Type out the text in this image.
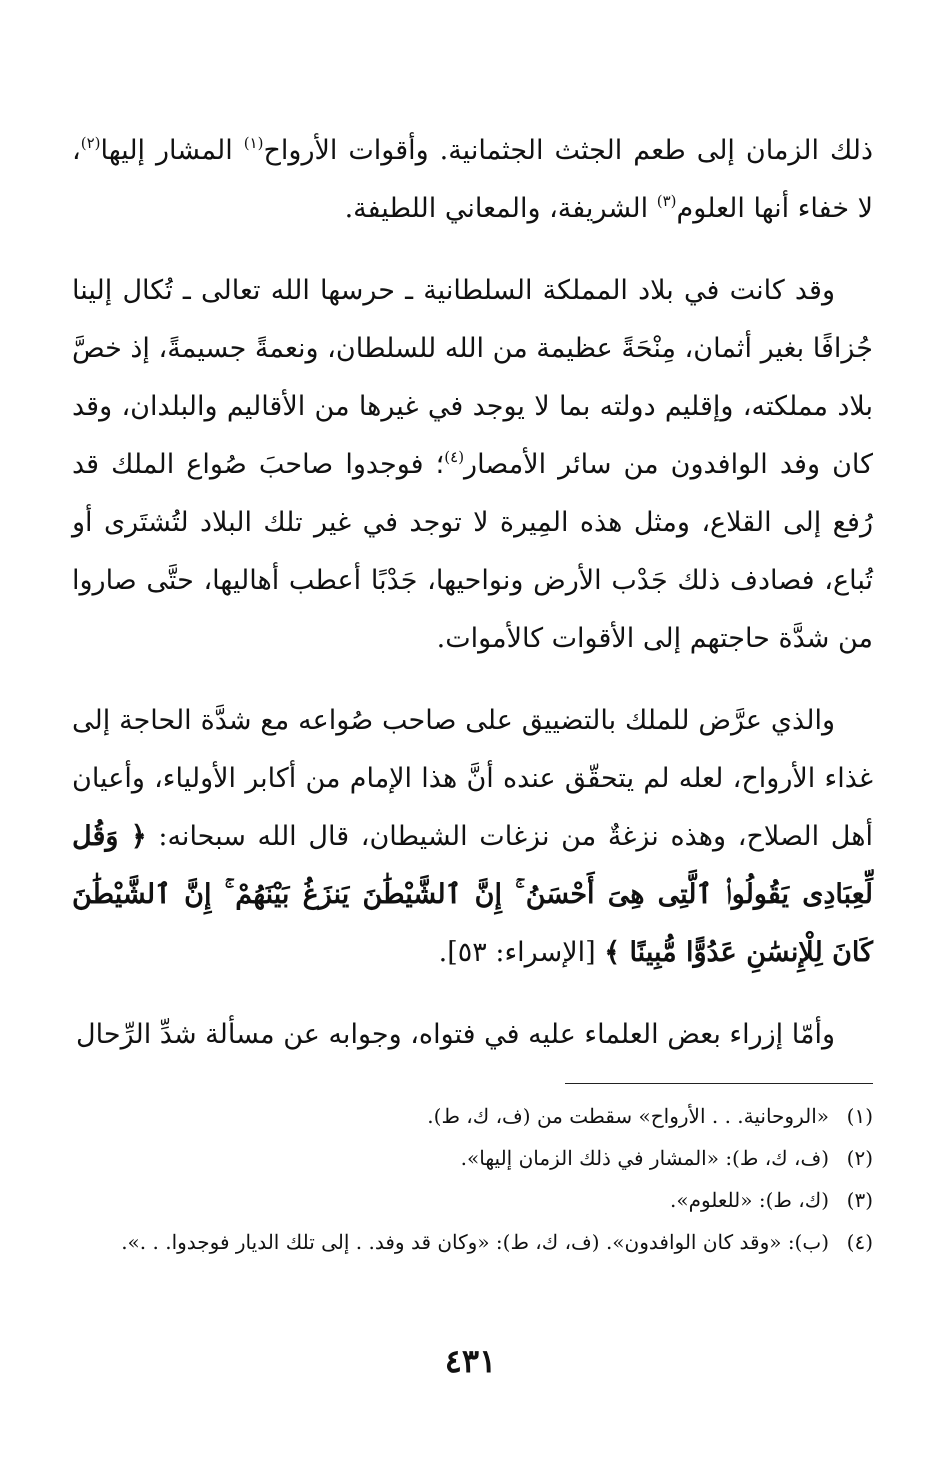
ذلك الزمان إلى طعم الجثث الجثمانية. وأقوات الأرواح$^{(١)}$ المشار إليها$^{(٢)}$، لا خفاء أنها العلوم$^{(٣)}$ الشريفة، والمعاني اللطيفة.

وقد كانت في بلاد المملكة السلطانية ـ حرسها الله تعالى ـ تُكال إلينا جُزافًا بغير أثمان، مِنْحَةً عظيمة من الله للسلطان، ونعمةً جسيمةً، إذ خصَّ بلاد مملكته، وإقليم دولته بما لا يوجد في غيرها من الأقاليم والبلدان، وقد كان وفد الوافدون من سائر الأمصار$^{(٤)}$؛ فوجدوا صاحبَ صُواع الملك قد رُفع إلى القلاع، ومثل هذه المِيرة لا توجد في غير تلك البلاد لتُشتَرى أو تُباع، فصادف ذلك جَدْب الأرض ونواحيها، جَدْبًا أعطب أهاليها، حتَّى صاروا من شدَّة حاجتهم إلى الأقوات كالأموات.

والذي عرَّض للملك بالتضييق على صاحب صُواعه مع شدَّة الحاجة إلى غذاء الأرواح، لعله لم يتحقّق عنده أنَّ هذا الإمام من أكابر الأولياء، وأعيان أهل الصلاح، وهذه نزغةٌ من نزغات الشيطان، قال الله سبحانه: ﴿ وَقُل لِّعِبَادِى يَقُولُوا۟ ٱلَّتِى هِىَ أَحْسَنُ ۚ إِنَّ ٱلشَّيْطَٰنَ يَنزَغُ بَيْنَهُمْ ۚ إِنَّ ٱلشَّيْطَٰنَ كَانَ لِلْإِنسَٰنِ عَدُوًّا مُّبِينًا ﴾ [الإسراء: ٥٣].

وأمّا إزراء بعض العلماء عليه في فتواه، وجوابه عن مسألة شدِّ الرِّحال

(١)
«الروحانية. . . الأرواح» سقطت من (ف، ك، ط).
(٢)
(ف، ك، ط): «المشار في ذلك الزمان إليها».
(٣)
(ك، ط): «للعلوم».
(٤)
(ب): «وقد كان الوافدون». (ف، ك، ط): «وكان قد وفد. . إلى تلك الديار فوجدوا. . .».
٤٣١
